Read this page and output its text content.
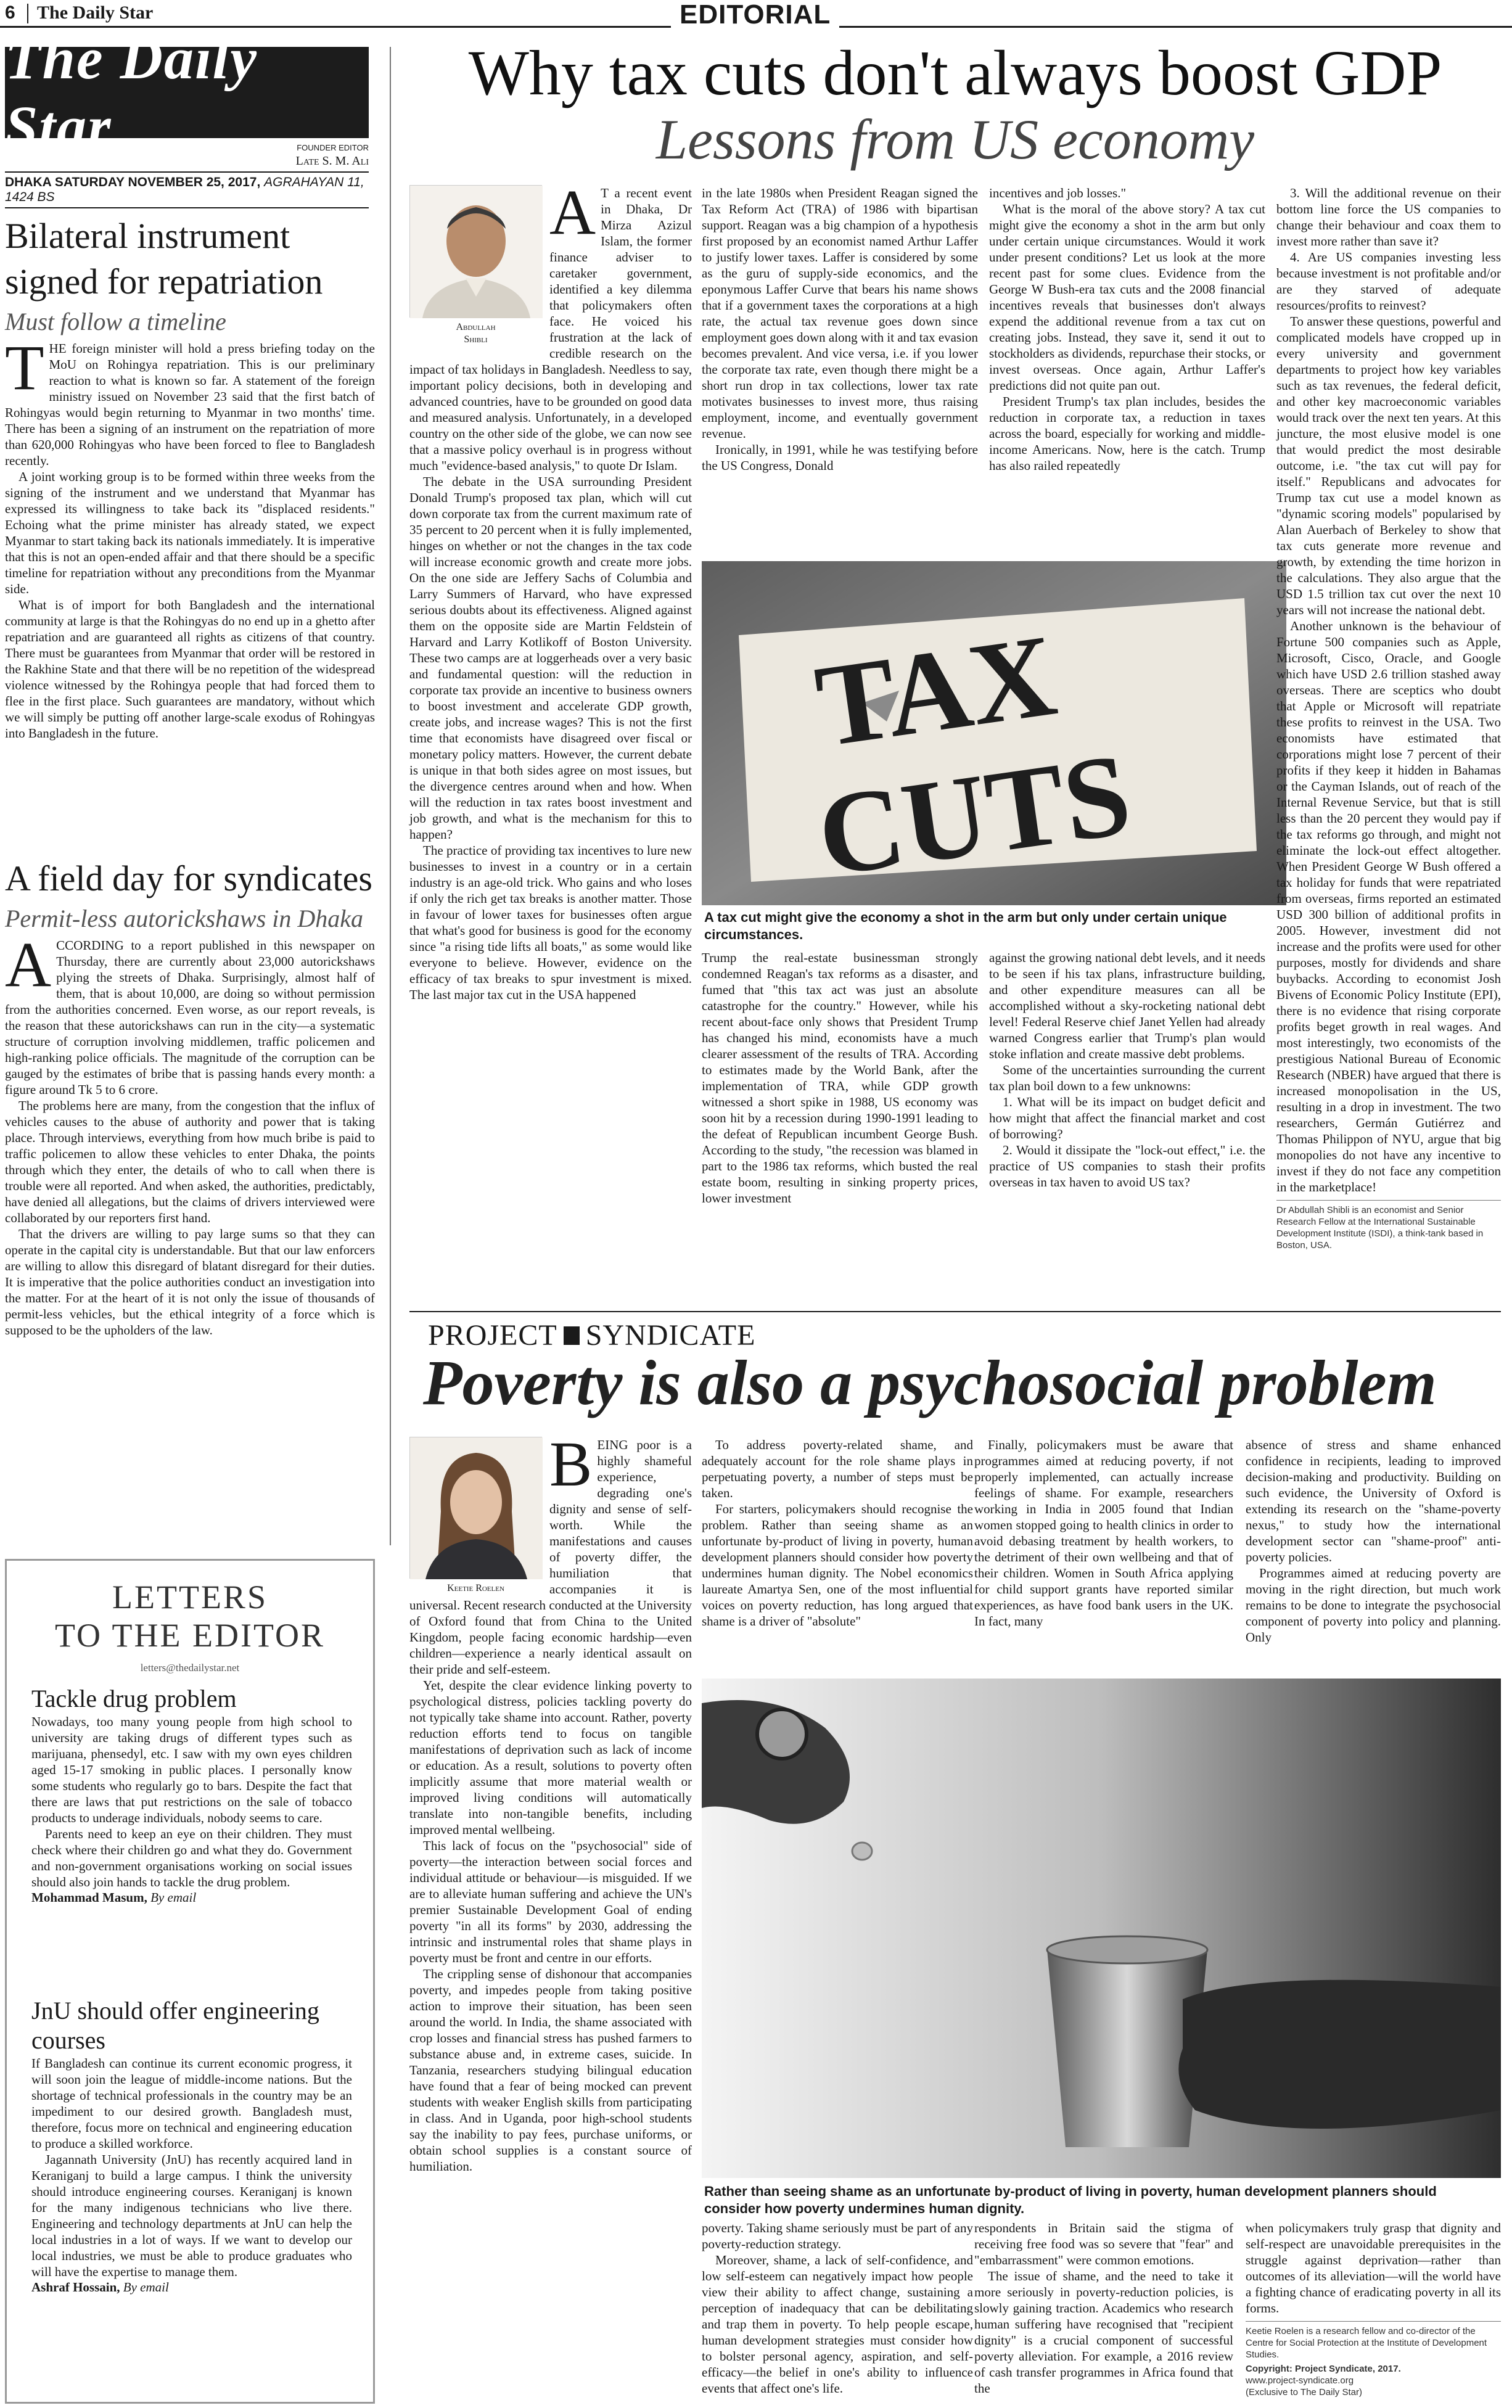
6 The Daily Star	EDITORIAL
The Daily Star	FOUNDER EDITOR
Late S. M. Ali
DHAKA SATURDAY NOVEMBER 25, 2017, AGRAHAYAN 11, 1424 BS
Bilateral instrument signed for repatriation
Must follow a timeline

THE foreign minister will hold a press briefing today on the MoU on Rohingya repatriation. This is our preliminary reaction to what is known so far. A statement of the foreign ministry issued on November 23 said that the first batch of Rohingyas would begin returning to Myanmar in two months' time. There has been a signing of an instrument on the repatriation of more than 620,000 Rohingyas who have been forced to flee to Bangladesh recently.

A joint working group is to be formed within three weeks from the signing of the instrument and we understand that Myanmar has expressed its willingness to take back its "displaced residents." Echoing what the prime minister has already stated, we expect Myanmar to start taking back its nationals immediately. It is imperative that this is not an open-ended affair and that there should be a specific timeline for repatriation without any preconditions from the Myanmar side.

What is of import for both Bangladesh and the international community at large is that the Rohingyas do no end up in a ghetto after repatriation and are guaranteed all rights as citizens of that country. There must be guarantees from Myanmar that order will be restored in the Rakhine State and that there will be no repetition of the widespread violence witnessed by the Rohingya people that had forced them to flee in the first place. Such guarantees are mandatory, without which we will simply be putting off another large-scale exodus of Rohingyas into Bangladesh in the future.

A field day for syndicates
Permit-less autorickshaws in Dhaka

ACCORDING to a report published in this newspaper on Thursday, there are currently about 23,000 autorickshaws plying the streets of Dhaka. Surprisingly, almost half of them, that is about 10,000, are doing so without permission from the authorities concerned. Even worse, as our report reveals, is the reason that these autorickshaws can run in the city—a systematic structure of corruption involving middlemen, traffic policemen and high-ranking police officials. The magnitude of the corruption can be gauged by the estimates of bribe that is passing hands every month: a figure around Tk 5 to 6 crore.

The problems here are many, from the congestion that the influx of vehicles causes to the abuse of authority and power that is taking place. Through interviews, everything from how much bribe is paid to traffic policemen to allow these vehicles to enter Dhaka, the points through which they enter, the details of who to call when there is trouble were all reported. And when asked, the authorities, predictably, have denied all allegations, but the claims of drivers interviewed were collaborated by our reporters first hand.

That the drivers are willing to pay large sums so that they can operate in the capital city is understandable. But that our law enforcers are willing to allow this disregard of blatant disregard for their duties. It is imperative that the police authorities conduct an investigation into the matter. For at the heart of it is not only the issue of thousands of permit-less vehicles, but the ethical integrity of a force which is supposed to be the upholders of the law.

LETTERS
TO THE EDITOR
letters@thedailystar.net
Tackle drug problem

Nowadays, too many young people from high school to university are taking drugs of different types such as marijuana, phensedyl, etc. I saw with my own eyes children aged 15-17 smoking in public places. I personally know some students who regularly go to bars. Despite the fact that there are laws that put restrictions on the sale of tobacco products to underage individuals, nobody seems to care.

Parents need to keep an eye on their children. They must check where their children go and what they do. Government and non-government organisations working on social issues should also join hands to tackle the drug problem.

Mohammad Masum, By email
JnU should offer engineering courses

If Bangladesh can continue its current economic progress, it will soon join the league of middle-income nations. But the shortage of technical professionals in the country may be an impediment to our desired growth. Bangladesh must, therefore, focus more on technical and engineering education to produce a skilled workforce.

Jagannath University (JnU) has recently acquired land in Keraniganj to build a large campus. I think the university should introduce engineering courses. Keraniganj is known for the many indigenous technicians who live there. Engineering and technology departments at JnU can help the local industries in a lot of ways. If we want to develop our local industries, we must be able to produce graduates who will have the expertise to manage them.

Ashraf Hossain, By email
Why tax cuts don't always boost GDP
Lessons from US economy
Abdullah
Shibli

A T a recent event in Dhaka, Dr Mirza Azizul Islam, the former finance adviser to caretaker government, identified a key dilemma that policymakers often face. He voiced his frustration at the lack of credible research on the impact of tax holidays in Bangladesh. Needless to say, important policy decisions, both in developing and advanced countries, have to be grounded on good data and measured analysis. Unfortunately, in a developed country on the other side of the globe, we can now see that a massive policy overhaul is in progress without much "evidence-based analysis," to quote Dr Islam.

The debate in the USA surrounding President Donald Trump's proposed tax plan, which will cut down corporate tax from the current maximum rate of 35 percent to 20 percent when it is fully implemented, hinges on whether or not the changes in the tax code will increase economic growth and create more jobs. On the one side are Jeffery Sachs of Columbia and Larry Summers of Harvard, who have expressed serious doubts about its effectiveness. Aligned against them on the opposite side are Martin Feldstein of Harvard and Larry Kotlikoff of Boston University. These two camps are at loggerheads over a very basic and fundamental question: will the reduction in corporate tax provide an incentive to business owners to boost investment and accelerate GDP growth, create jobs, and increase wages? This is not the first time that economists have disagreed over fiscal or monetary policy matters. However, the current debate is unique in that both sides agree on most issues, but the divergence centres around when and how. When will the reduction in tax rates boost investment and job growth, and what is the mechanism for this to happen?

The practice of providing tax incentives to lure new businesses to invest in a country or in a certain industry is an age-old trick. Who gains and who loses if only the rich get tax breaks is another matter. Those in favour of lower taxes for businesses often argue that what's good for business is good for the economy since "a rising tide lifts all boats," as some would like everyone to believe. However, evidence on the efficacy of tax breaks to spur investment is mixed. The last major tax cut in the USA happened

in the late 1980s when President Reagan signed the Tax Reform Act (TRA) of 1986 with bipartisan support. Reagan was a big champion of a hypothesis first proposed by an economist named Arthur Laffer to justify lower taxes. Laffer is considered by some as the guru of supply-side economics, and the eponymous Laffer Curve that bears his name shows that if a government taxes the corporations at a high rate, the actual tax revenue goes down since employment goes down along with it and tax evasion becomes prevalent. And vice versa, i.e. if you lower the corporate tax rate, even though there might be a short run drop in tax collections, lower tax rate motivates businesses to invest more, thus raising employment, income, and eventually government revenue.

Ironically, in 1991, while he was testifying before the US Congress, Donald

incentives and job losses."

What is the moral of the above story? A tax cut might give the economy a shot in the arm but only under certain unique circumstances. Would it work under present conditions? Let us look at the more recent past for some clues. Evidence from the George W Bush-era tax cuts and the 2008 financial incentives reveals that businesses don't always expend the additional revenue from a tax cut on creating jobs. Instead, they save it, send it out to stockholders as dividends, repurchase their stocks, or invest overseas. Once again, Arthur Laffer's predictions did not quite pan out.

President Trump's tax plan includes, besides the reduction in corporate tax, a reduction in taxes across the board, especially for working and middle-income Americans. Now, here is the catch. Trump has also railed repeatedly

TAX
CUTS
A tax cut might give the economy a shot in the arm but only under certain unique circumstances.

Trump the real-estate businessman strongly condemned Reagan's tax reforms as a disaster, and fumed that "this tax act was just an absolute catastrophe for the country." However, while his recent about-face only shows that President Trump has changed his mind, economists have a much clearer assessment of the results of TRA. According to estimates made by the World Bank, after the implementation of TRA, while GDP growth witnessed a short spike in 1988, US economy was soon hit by a recession during 1990-1991 leading to the defeat of Republican incumbent George Bush. According to the study, "the recession was blamed in part to the 1986 tax reforms, which busted the real estate boom, resulting in sinking property prices, lower investment

against the growing national debt levels, and it needs to be seen if his tax plans, infrastructure building, and other expenditure measures can all be accomplished without a sky-rocketing national debt level! Federal Reserve chief Janet Yellen had already warned Congress earlier that Trump's plan would stoke inflation and create massive debt problems.

Some of the uncertainties surrounding the current tax plan boil down to a few unknowns:

1. What will be its impact on budget deficit and how might that affect the financial market and cost of borrowing?

2. Would it dissipate the "lock-out effect," i.e. the practice of US companies to stash their profits overseas in tax haven to avoid US tax?

3. Will the additional revenue on their bottom line force the US companies to change their behaviour and coax them to invest more rather than save it?

4. Are US companies investing less because investment is not profitable and/or are they starved of adequate resources/profits to reinvest?

To answer these questions, powerful and complicated models have cropped up in every university and government departments to project how key variables such as tax revenues, the federal deficit, and other key macroeconomic variables would track over the next ten years. At this juncture, the most elusive model is one that would predict the most desirable outcome, i.e. "the tax cut will pay for itself." Republicans and advocates for Trump tax cut use a model known as "dynamic scoring models" popularised by Alan Auerbach of Berkeley to show that tax cuts generate more revenue and growth, by extending the time horizon in the calculations. They also argue that the USD 1.5 trillion tax cut over the next 10 years will not increase the national debt.

Another unknown is the behaviour of Fortune 500 companies such as Apple, Microsoft, Cisco, Oracle, and Google which have USD 2.6 trillion stashed away overseas. There are sceptics who doubt that Apple or Microsoft will repatriate these profits to reinvest in the USA. Two economists have estimated that corporations might lose 7 percent of their profits if they keep it hidden in Bahamas or the Cayman Islands, out of reach of the Internal Revenue Service, but that is still less than the 20 percent they would pay if the tax reforms go through, and might not eliminate the lock-out effect altogether. When President George W Bush offered a tax holiday for funds that were repatriated from overseas, firms reported an estimated USD 300 billion of additional profits in 2005. However, investment did not increase and the profits were used for other purposes, mostly for dividends and share buybacks. According to economist Josh Bivens of Economic Policy Institute (EPI), there is no evidence that rising corporate profits beget growth in real wages. And most interestingly, two economists of the prestigious National Bureau of Economic Research (NBER) have argued that there is increased monopolisation in the US, resulting in a drop in investment. The two researchers, Germán Gutiérrez and Thomas Philippon of NYU, argue that big monopolies do not have any incentive to invest if they do not face any competition in the marketplace!

Dr Abdullah Shibli is an economist and Senior Research Fellow at the International Sustainable Development Institute (ISDI), a think-tank based in Boston, USA.
PROJECT SYNDICATE
Poverty is also a psychosocial problem
Keetie Roelen

BEING poor is a highly shameful experience, degrading one's dignity and sense of self-worth. While the manifestations and causes of poverty differ, the humiliation that accompanies it is universal. Recent research conducted at the University of Oxford found that from China to the United Kingdom, people facing economic hardship—even children—experience a nearly identical assault on their pride and self-esteem.

Yet, despite the clear evidence linking poverty to psychological distress, policies tackling poverty do not typically take shame into account. Rather, poverty reduction efforts tend to focus on tangible manifestations of deprivation such as lack of income or education. As a result, solutions to poverty often implicitly assume that more material wealth or improved living conditions will automatically translate into non-tangible benefits, including improved mental wellbeing.

This lack of focus on the "psychosocial" side of poverty—the interaction between social forces and individual attitude or behaviour—is misguided. If we are to alleviate human suffering and achieve the UN's premier Sustainable Development Goal of ending poverty "in all its forms" by 2030, addressing the intrinsic and instrumental roles that shame plays in poverty must be front and centre in our efforts.

The crippling sense of dishonour that accompanies poverty, and impedes people from taking positive action to improve their situation, has been seen around the world. In India, the shame associated with crop losses and financial stress has pushed farmers to substance abuse and, in extreme cases, suicide. In Tanzania, researchers studying bilingual education have found that a fear of being mocked can prevent students with weaker English skills from participating in class. And in Uganda, poor high-school students say the inability to pay fees, purchase uniforms, or obtain school supplies is a constant source of humiliation.

To address poverty-related shame, and adequately account for the role shame plays in perpetuating poverty, a number of steps must be taken.

For starters, policymakers should recognise the problem. Rather than seeing shame as an unfortunate by-product of living in poverty, human development planners should consider how poverty undermines human dignity. The Nobel economics laureate Amartya Sen, one of the most influential voices on poverty reduction, has long argued that shame is a driver of "absolute"

Finally, policymakers must be aware that programmes aimed at reducing poverty, if not properly implemented, can actually increase feelings of shame. For example, researchers working in India in 2005 found that Indian women stopped going to health clinics in order to avoid debasing treatment by health workers, to the detriment of their own wellbeing and that of their children. Women in South Africa applying for child support grants have reported similar experiences, as have food bank users in the UK. In fact, many

absence of stress and shame enhanced confidence in recipients, leading to improved decision-making and productivity. Building on such evidence, the University of Oxford is extending its research on the "shame-poverty nexus," to study how the international development sector can "shame-proof" anti-poverty policies.

Programmes aimed at reducing poverty are moving in the right direction, but much work remains to be done to integrate the psychosocial component of poverty into policy and planning. Only

Rather than seeing shame as an unfortunate by-product of living in poverty, human development planners should consider how poverty undermines human dignity.

poverty. Taking shame seriously must be part of any poverty-reduction strategy.

Moreover, shame, a lack of self-confidence, and low self-esteem can negatively impact how people view their ability to affect change, sustaining a perception of inadequacy that can be debilitating and trap them in poverty. To help people escape, human development strategies must consider how to bolster personal agency, aspiration, and self-efficacy—the belief in one's ability to influence events that affect one's life.

respondents in Britain said the stigma of receiving free food was so severe that "fear" and "embarrassment" were common emotions.

The issue of shame, and the need to take it more seriously in poverty-reduction policies, is slowly gaining traction. Academics who research human suffering have recognised that "recipient dignity" is a crucial component of successful poverty alleviation. For example, a 2016 review of cash transfer programmes in Africa found that the

when policymakers truly grasp that dignity and self-respect are unavoidable prerequisites in the struggle against deprivation—rather than outcomes of its alleviation—will the world have a fighting chance of eradicating poverty in all its forms.

Keetie Roelen is a research fellow and co-director of the Centre for Social Protection at the Institute of Development Studies.
Copyright: Project Syndicate, 2017.
www.project-syndicate.org
(Exclusive to The Daily Star)
